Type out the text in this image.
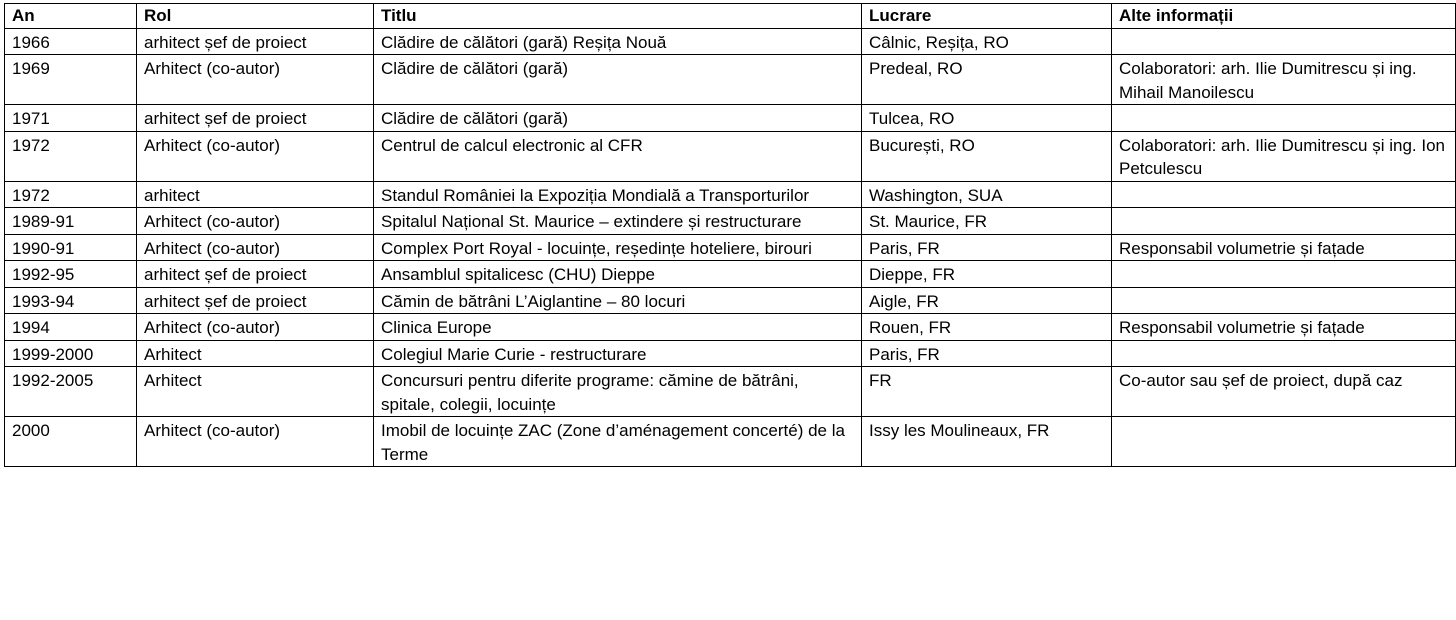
An	Rol	Titlu	Lucrare	Alte informații
1966	arhitect șef de proiect	Clădire de călători (gară) Reșița Nouă	Câlnic, Reșița, RO	
1969	Arhitect (co-autor)	Clădire de călători (gară)	Predeal, RO	Colaboratori: arh. Ilie Dumitrescu și ing. Mihail Manoilescu
1971	arhitect șef de proiect	Clădire de călători (gară)	Tulcea, RO	
1972	Arhitect (co-autor)	Centrul de calcul electronic al CFR	București, RO	Colaboratori: arh. Ilie Dumitrescu și ing. Ion Petculescu
1972	arhitect	Standul României la Expoziția Mondială a Transporturilor	Washington, SUA	
1989-91	Arhitect (co-autor)	Spitalul Național St. Maurice – extindere și restructurare	St. Maurice, FR	
1990-91	Arhitect (co-autor)	Complex Port Royal - locuințe, reședințe hoteliere, birouri	Paris, FR	Responsabil volumetrie și fațade
1992-95	arhitect șef de proiect	Ansamblul spitalicesc (CHU) Dieppe	Dieppe, FR	
1993-94	arhitect șef de proiect	Cămin de bătrâni L’Aiglantine – 80 locuri	Aigle, FR	
1994	Arhitect (co-autor)	Clinica Europe	Rouen, FR	Responsabil volumetrie și fațade
1999-2000	Arhitect	Colegiul Marie Curie - restructurare	Paris, FR	
1992-2005	Arhitect	Concursuri pentru diferite programe: cămine de bătrâni, spitale, colegii, locuințe	FR	Co-autor sau șef de proiect, după caz
2000	Arhitect (co-autor)	Imobil de locuințe ZAC (Zone d’aménagement concerté) de la Terme	Issy les Moulineaux, FR	
